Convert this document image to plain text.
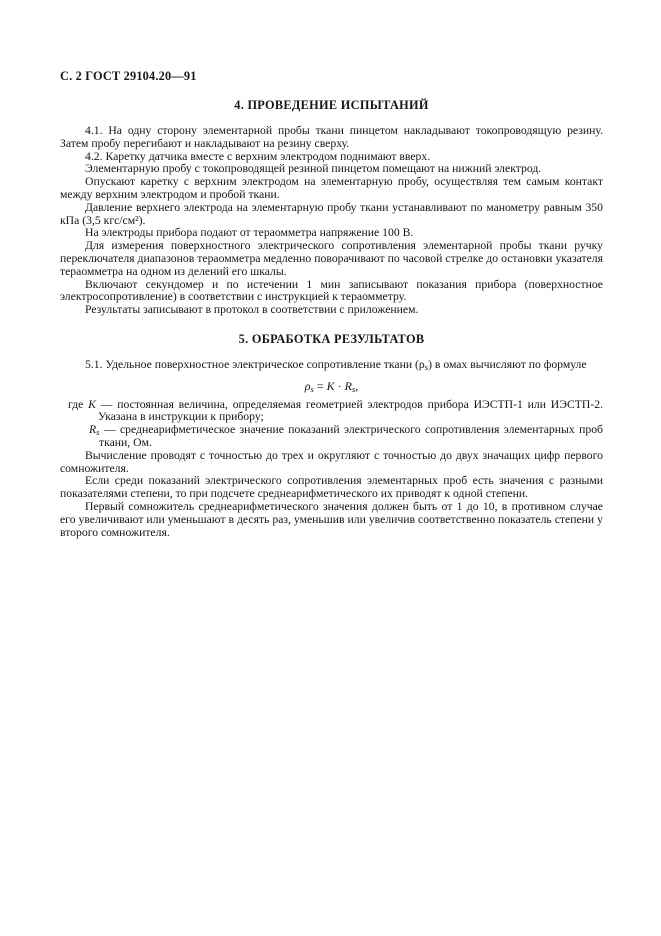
С. 2 ГОСТ 29104.20—91

4. ПРОВЕДЕНИЕ ИСПЫТАНИЙ

4.1. На одну сторону элементарной пробы ткани пинцетом накладывают токопроводящую резину. Затем пробу перегибают и накладывают на резину сверху.

4.2. Каретку датчика вместе с верхним электродом поднимают вверх.

Элементарную пробу с токопроводящей резиной пинцетом помещают на нижний электрод.

Опускают каретку с верхним электродом на элементарную пробу, осуществляя тем самым контакт между верхним электродом и пробой ткани.

Давление верхнего электрода на элементарную пробу ткани устанавливают по манометру равным 350 кПа (3,5 кгс/см²).

На электроды прибора подают от тераомметра напряжение 100 В.

Для измерения поверхностного электрического сопротивления элементарной пробы ткани ручку переключателя диапазонов тераомметра медленно поворачивают по часовой стрелке до остановки указателя тераомметра на одном из делений его шкалы.

Включают секундомер и по истечении 1 мин записывают показания прибора (поверхностное электросопротивление) в соответствии с инструкцией к тераомметру.

Результаты записывают в протокол в соответствии с приложением.

5. ОБРАБОТКА РЕЗУЛЬТАТОВ

5.1. Удельное поверхностное электрическое сопротивление ткани (ρs) в омах вычисляют по формуле

ρs = K · Rs,
где K — постоянная величина, определяемая геометрией электродов прибора ИЭСТП-1 или ИЭСТП-2. Указана в инструкции к прибору;
Rs — среднеарифметическое значение показаний электрического сопротивления элементарных проб ткани, Ом.

Вычисление проводят с точностью до трех и округляют с точностью до двух значащих цифр первого сомножителя.

Если среди показаний электрического сопротивления элементарных проб есть значения с разными показателями степени, то при подсчете среднеарифметического их приводят к одной степени.

Первый сомножитель среднеарифметического значения должен быть от 1 до 10, в противном случае его увеличивают или уменьшают в десять раз, уменьшив или увеличив соответственно показатель степени у второго сомножителя.
